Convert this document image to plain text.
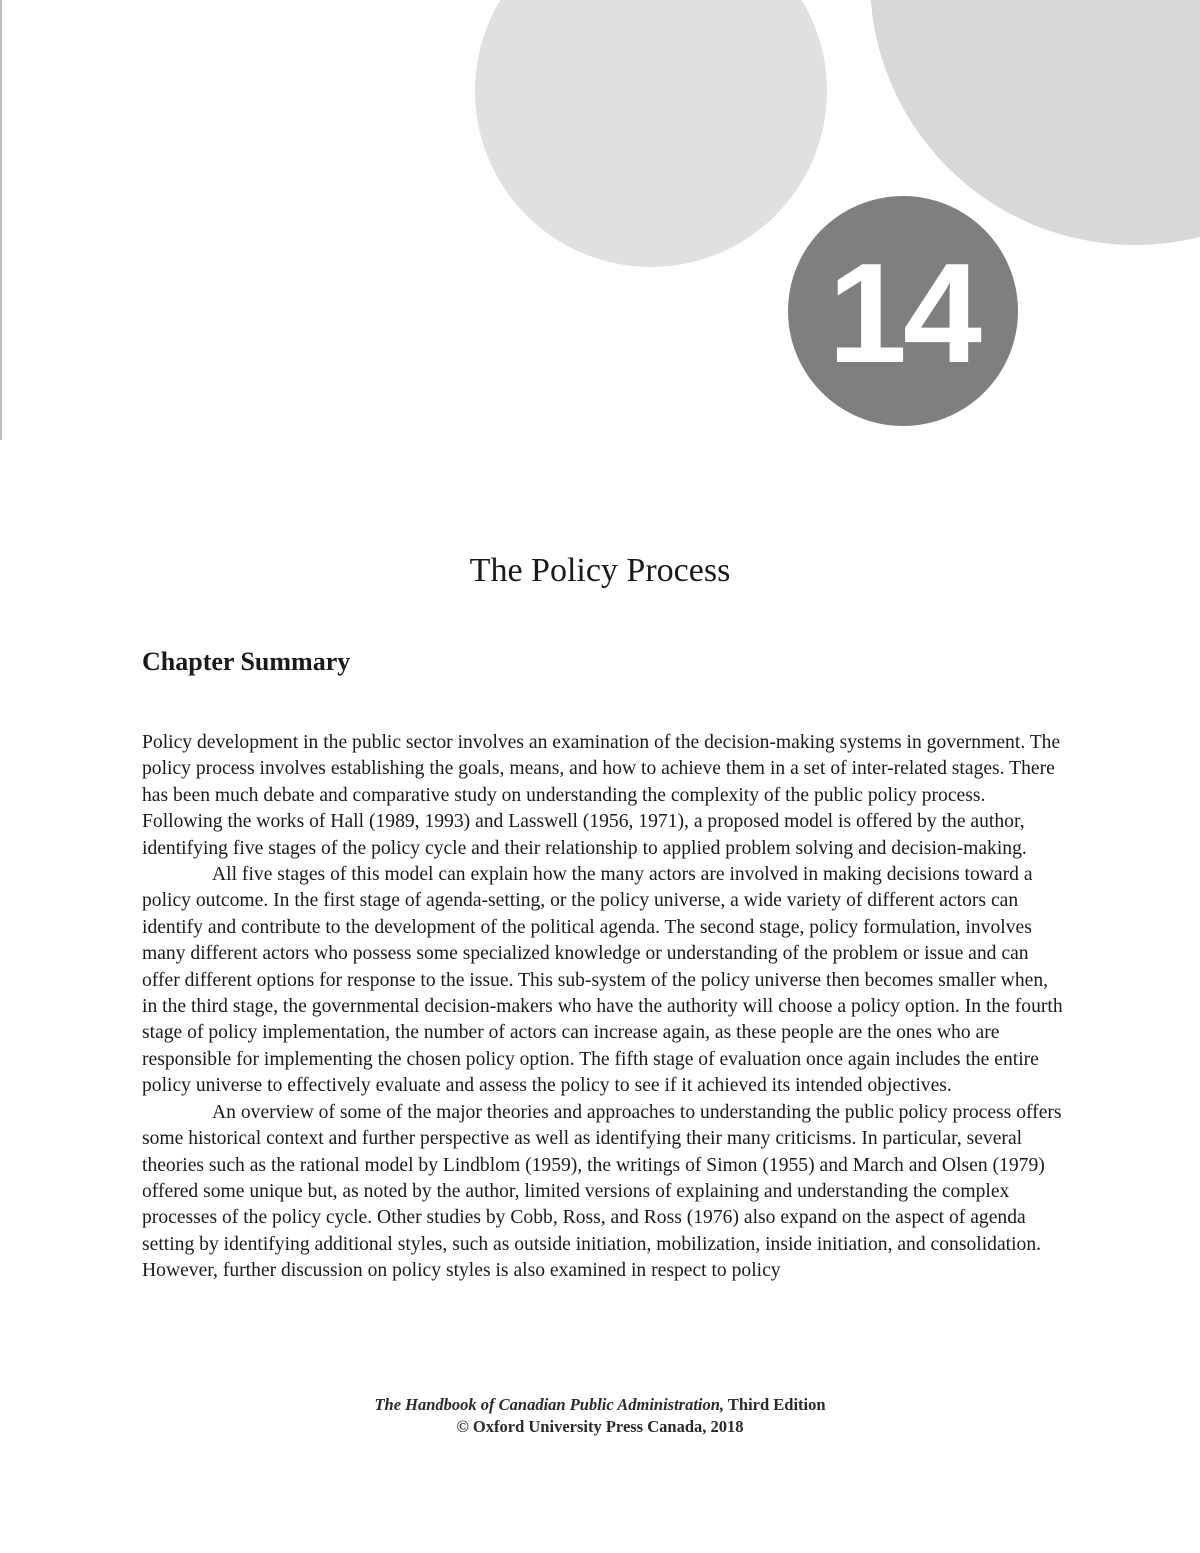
14
The Policy Process
Chapter Summary

Policy development in the public sector involves an examination of the decision-making systems in government. The policy process involves establishing the goals, means, and how to achieve them in a set of inter-related stages. There has been much debate and comparative study on understanding the complexity of the public policy process. Following the works of Hall (1989, 1993) and Lasswell (1956, 1971), a proposed model is offered by the author, identifying five stages of the policy cycle and their relationship to applied problem solving and decision-making.

All five stages of this model can explain how the many actors are involved in making decisions toward a policy outcome. In the first stage of agenda-setting, or the policy universe, a wide variety of different actors can identify and contribute to the development of the political agenda. The second stage, policy formulation, involves many different actors who possess some specialized knowledge or understanding of the problem or issue and can offer different options for response to the issue. This sub-system of the policy universe then becomes smaller when, in the third stage, the governmental decision-makers who have the authority will choose a policy option. In the fourth stage of policy implementation, the number of actors can increase again, as these people are the ones who are responsible for implementing the chosen policy option. The fifth stage of evaluation once again includes the entire policy universe to effectively evaluate and assess the policy to see if it achieved its intended objectives.

An overview of some of the major theories and approaches to understanding the public policy process offers some historical context and further perspective as well as identifying their many criticisms. In particular, several theories such as the rational model by Lindblom (1959), the writings of Simon (1955) and March and Olsen (1979) offered some unique but, as noted by the author, limited versions of explaining and understanding the complex processes of the policy cycle. Other studies by Cobb, Ross, and Ross (1976) also expand on the aspect of agenda setting by identifying additional styles, such as outside initiation, mobilization, inside initiation, and consolidation. However, further discussion on policy styles is also examined in respect to policy

The Handbook of Canadian Public Administration, Third Edition
© Oxford University Press Canada, 2018
